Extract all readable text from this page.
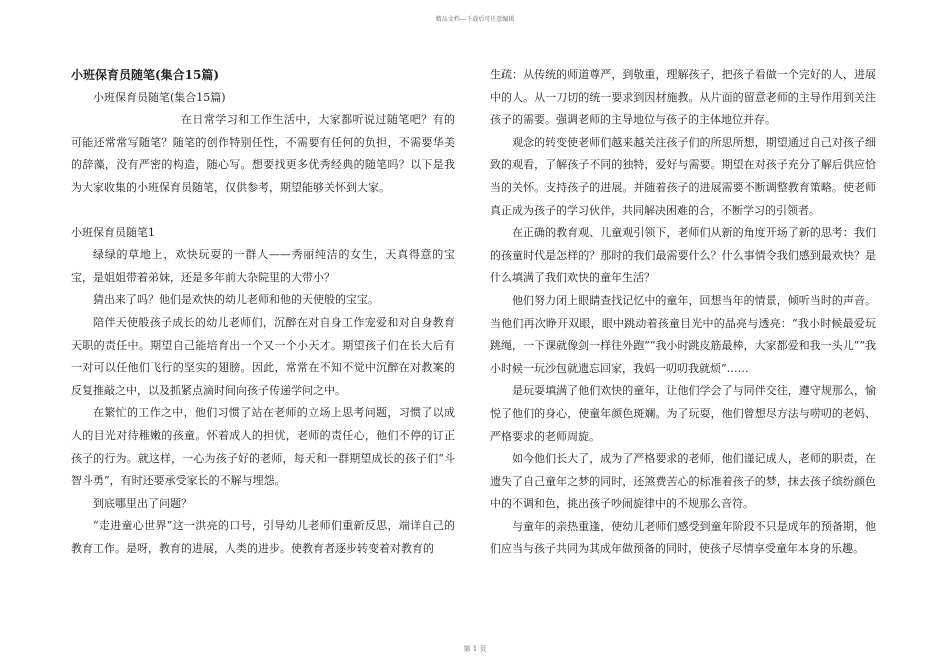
精品文档---下载后可任意编辑

小班保育员随笔(集合15篇)

小班保育员随笔(集合15篇)

在日常学习和工作生活中，大家都听说过随笔吧？有的可能还常常写随笔？随笔的创作特别任性，不需要有任何的负担，不需要华美的辞藻，没有严密的构造，随心写。想要找更多优秀经典的随笔吗？以下是我为大家收集的小班保育员随笔，仅供参考，期望能够关怀到大家。

小班保育员随笔1

绿绿的草地上，欢快玩耍的一群人——秀丽纯洁的女生，天真得意的宝宝，是姐姐带着弟妹，还是多年前大杂院里的大带小？

猜出来了吗？他们是欢快的幼儿老师和他的天使般的宝宝。

陪伴天使般孩子成长的幼儿老师们，沉醉在对自身工作宠爱和对自身教育天职的责任中。期望自己能培育出一个又一个小天才。期望孩子们在长大后有一对可以任他们飞行的坚实的翅膀。因此，常常在不知不觉中沉醉在对教案的反复推敲之中，以及抓紧点滴时间向孩子传递学问之中。

在繁忙的工作之中，他们习惯了站在老师的立场上思考问题，习惯了以成人的目光对待稚嫩的孩童。怀着成人的担忧，老师的责任心，他们不停的订正孩子的行为。就这样，一心为孩子好的老师，每天和一群期望成长的孩子们“斗智斗勇”，有时还要承受家长的不解与埋怨。

到底哪里出了问题？

“走进童心世界”这一洪亮的口号，引导幼儿老师们重新反思，端详自己的教育工作。是呀，教育的进展，人类的进步。使教育者逐步转变着对教育的

生疏：从传统的师道尊严，到敬重，理解孩子，把孩子看做一个完好的人，进展中的人。从一刀切的统一要求到因材施教。从片面的留意老师的主导作用到关注孩子的需要。强调老师的主导地位与孩子的主体地位并存。

观念的转变使老师们越来越关注孩子们的所思所想，期望通过自己对孩子细致的观看，了解孩子不同的独特，爱好与需要。期望在对孩子充分了解后供应恰当的关怀。支持孩子的进展。并随着孩子的进展需要不断调整教育策略。使老师真正成为孩子的学习伙伴，共同解决困难的合，不断学习的引领者。

在正确的教育观、儿童观引领下，老师们从新的角度开场了新的思考：我们的孩童时代是怎样的？那时的我们最需要什么？什么事情令我们感到最欢快？是什么填满了我们欢快的童年生活？

他们努力闭上眼睛查找记忆中的童年，回想当年的情景，倾听当时的声音。当他们再次睁开双眼，眼中跳动着孩童目光中的晶亮与透亮：“我小时候最爱玩跳绳，一下课就像剑一样往外跑”“我小时跳皮筋最棒，大家都爱和我一头儿”“我小时候一玩沙包就遗忘回家，我妈一叨叨我就烦”……

是玩耍填满了他们欢快的童年，让他们学会了与同伴交往，遵守规那么，愉悦了他们的身心，使童年颜色斑斓。为了玩耍，他们曾想尽方法与唠叨的老妈、严格要求的老师周旋。

如今他们长大了，成为了严格要求的老师，他们谨记成人，老师的职责，在遗失了自己童年之梦的同时，还煞费苦心的标准着孩子的梦，抹去孩子缤纷颜色中的不调和色，挑出孩子吵闹旋律中的不规那么音符。

与童年的亲热重逢，使幼儿老师们感受到童年阶段不只是成年的预备期，他们应当与孩子共同为其成年做预备的同时，使孩子尽情享受童年本身的乐趣。

第 1 页
